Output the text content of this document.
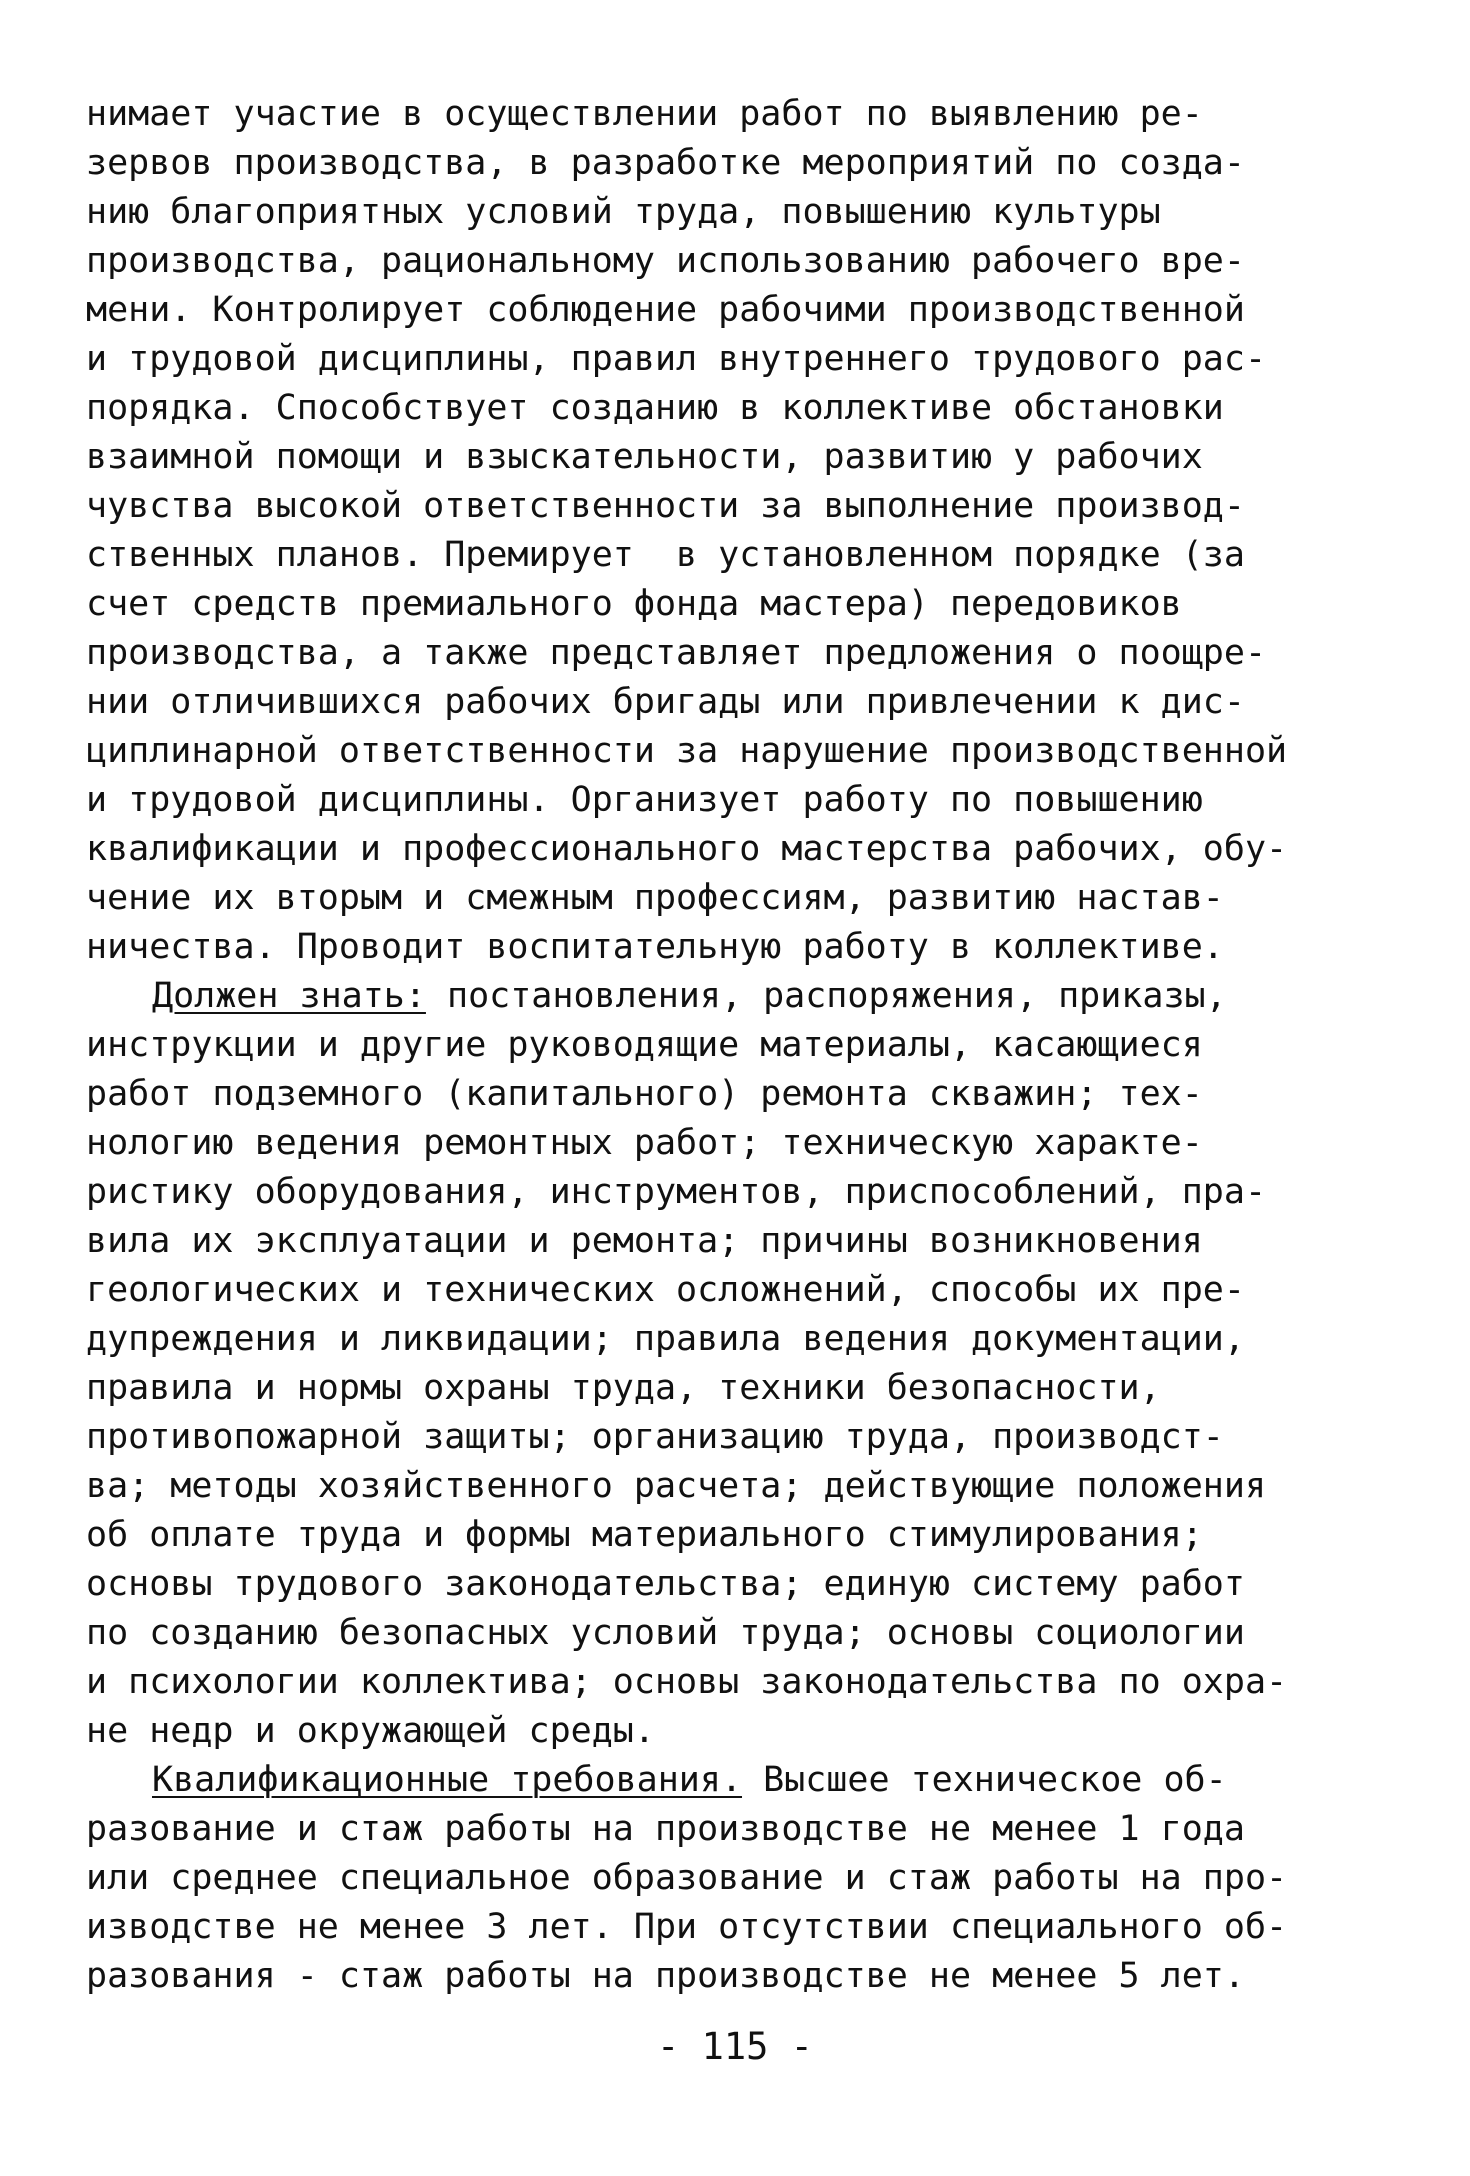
нимает участие в осуществлении работ по выявлению ре-
зервов производства, в разработке мероприятий по созда-
нию благоприятных условий труда, повышению культуры
производства, рациональному использованию рабочего вре-
мени. Контролирует соблюдение рабочими производственной
и трудовой дисциплины, правил внутреннего трудового рас-
порядка. Способствует созданию в коллективе обстановки
взаимной помощи и взыскательности, развитию у рабочих
чувства высокой ответственности за выполнение производ-
ственных планов. Премирует  в установленном порядке (за
счет средств премиального фонда мастера) передовиков
производства, а также представляет предложения о поощре-
нии отличившихся рабочих бригады или привлечении к дис-
циплинарной ответственности за нарушение производственной
и трудовой дисциплины. Организует работу по повышению
квалификации и профессионального мастерства рабочих, обу-
чение их вторым и смежным профессиям, развитию настав-
ничества. Проводит воспитательную работу в коллективе.
Должен знать: постановления, распоряжения, приказы,
инструкции и другие руководящие материалы, касающиеся
работ подземного (капитального) ремонта скважин; тех-
нологию ведения ремонтных работ; техническую характе-
ристику оборудования, инструментов, приспособлений, пра-
вила их эксплуатации и ремонта; причины возникновения
геологических и технических осложнений, способы их пре-
дупреждения и ликвидации; правила ведения документации,
правила и нормы охраны труда, техники безопасности,
противопожарной защиты; организацию труда, производст-
ва; методы хозяйственного расчета; действующие положения
об оплате труда и формы материального стимулирования;
основы трудового законодательства; единую систему работ
по созданию безопасных условий труда; основы социологии
и психологии коллектива; основы законодательства по охра-
не недр и окружающей среды.
Квалификационные требования. Высшее техническое об-
разование и стаж работы на производстве не менее 1 года
или среднее специальное образование и стаж работы на про-
изводстве не менее 3 лет. При отсутствии специального об-
разования - стаж работы на производстве не менее 5 лет.
- 115 -
